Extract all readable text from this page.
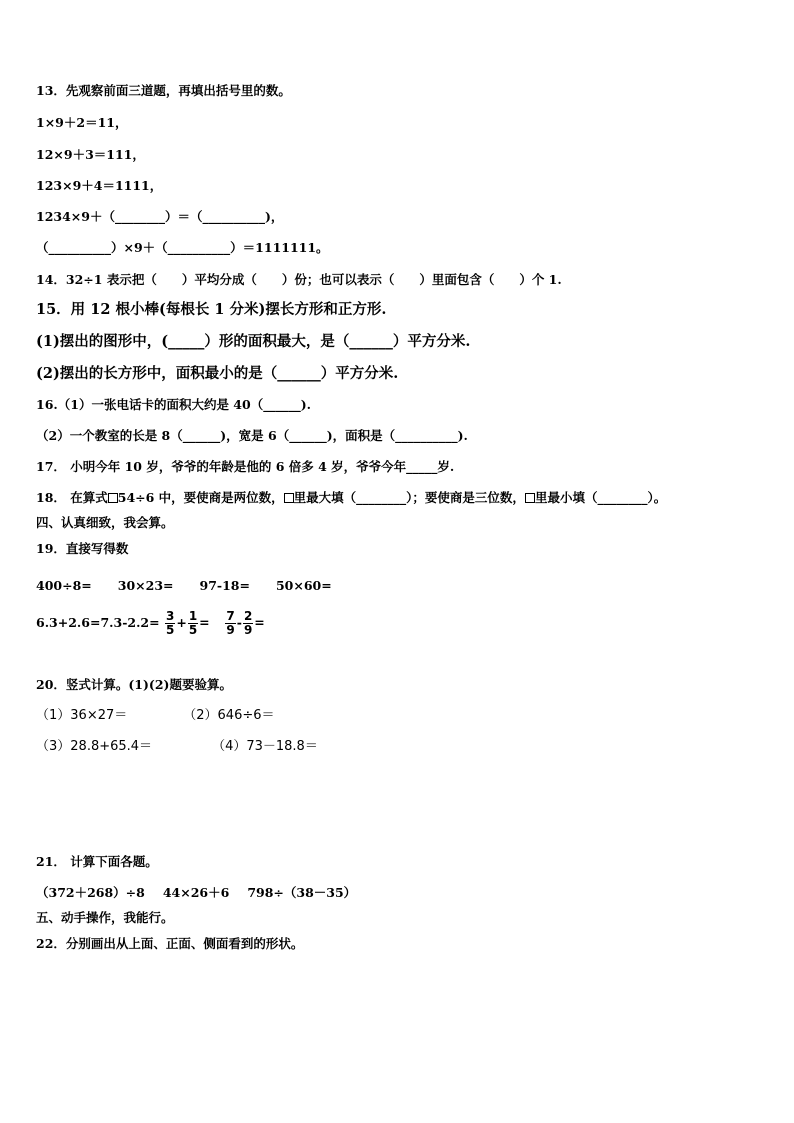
13．先观察前面三道题，再填出括号里的数。
1×9＋2＝11，
12×9＋3＝111，
123×9＋4＝1111，
1234×9＋（________）＝（__________)，
（__________）×9＋（__________）＝1111111。
14．32÷1 表示把（　　）平均分成（　　）份；也可以表示（　　）里面包含（　　）个 1.
15．用 12 根小棒(每根长 1 分米)摆长方形和正方形.
(1)摆出的图形中，(_____）形的面积最大，是（______）平方分米.
(2)摆出的长方形中，面积最小的是（______）平方分米.
16.（1）一张电话卡的面积大约是 40（______).
（2）一个教室的长是 8（______)，宽是 6（______)，面积是（__________).
17． 小明今年 10 岁，爷爷的年龄是他的 6 倍多 4 岁，爷爷今年_____岁.
18． 在算式 54÷6 中，要使商是两位数， 里最大填（________）；要使商是三位数， 里最小填（________）。
四、认真细致，我会算。
19．直接写得数
400÷8= 30×23= 97-18= 50×60=
$6.3+2.6=7.3-2.2= \frac{3}{5} + \frac{1}{5} = \frac{7}{9} - \frac{2}{9}$ =
20．竖式计算。(1)(2)题要验算。
（1）36×27＝	（2）646÷6＝
（3）28.8+65.4＝	（4）73－18.8＝
21． 计算下面各题。
（372＋268）÷8 44×26＋6 798÷（38－35）
五、动手操作，我能行。
22．分别画出从上面、正面、侧面看到的形状。
